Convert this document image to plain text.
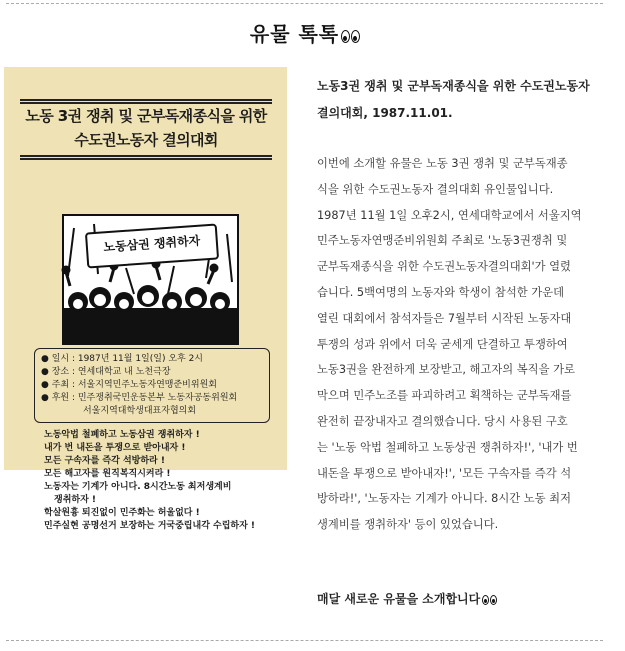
유물 톡톡
노동 3권 쟁취 및 군부독재종식을 위한
수도권노동자 결의대회
노동삼권 쟁취하자
● 일시 : 1987년 11월 1일(일) 오후 2시
● 장소 : 연세대학교 내 노천극장
● 주최 : 서울지역민주노동자연맹준비위원회
● 후원 : 민주쟁취국민운동본부 노동자공동위원회
서울지역대학생대표자협의회
노동악법 철폐하고 노동삼권 쟁취하자 !
내가 번 내돈을 투쟁으로 받아내자 !
모든 구속자를 즉각 석방하라 !
모든 해고자를 원직복직시켜라 !
노동자는 기계가 아니다. 8시간노동 최저생계비
쟁취하자 !
학살원흉 퇴진없이 민주화는 허울없다 !
민주실현 공명선거 보장하는 거국중립내각 수립하자 !
노동3권 쟁취 및 군부독재종식을 위한 수도권노동자
결의대회, 1987.11.01.
이번에 소개할 유물은 노동 3권 쟁취 및 군부독재종
식을 위한 수도권노동자 결의대회 유인물입니다.
1987년 11월 1일 오후2시, 연세대학교에서 서울지역
민주노동자연맹준비위원회 주최로 '노동3권쟁취 및
군부독재종식을 위한 수도권노동자결의대회'가 열렸
습니다. 5백여명의 노동자와 학생이 참석한 가운데
열린 대회에서 참석자들은 7월부터 시작된 노동자대
투쟁의 성과 위에서 더욱 굳세게 단결하고 투쟁하여
노동3권을 완전하게 보장받고, 해고자의 복직을 가로
막으며 민주노조를 파괴하려고 획책하는 군부독재를
완전히 끝장내자고 결의했습니다. 당시 사용된 구호
는 '노동 악법 철폐하고 노동상권 쟁취하자!', '내가 번
내돈을 투쟁으로 받아내자!', '모든 구속자를 즉각 석
방하라!', '노동자는 기계가 아니다. 8시간 노동 최저
생계비를 쟁취하자' 등이 있었습니다.
매달 새로운 유물을 소개합니다
